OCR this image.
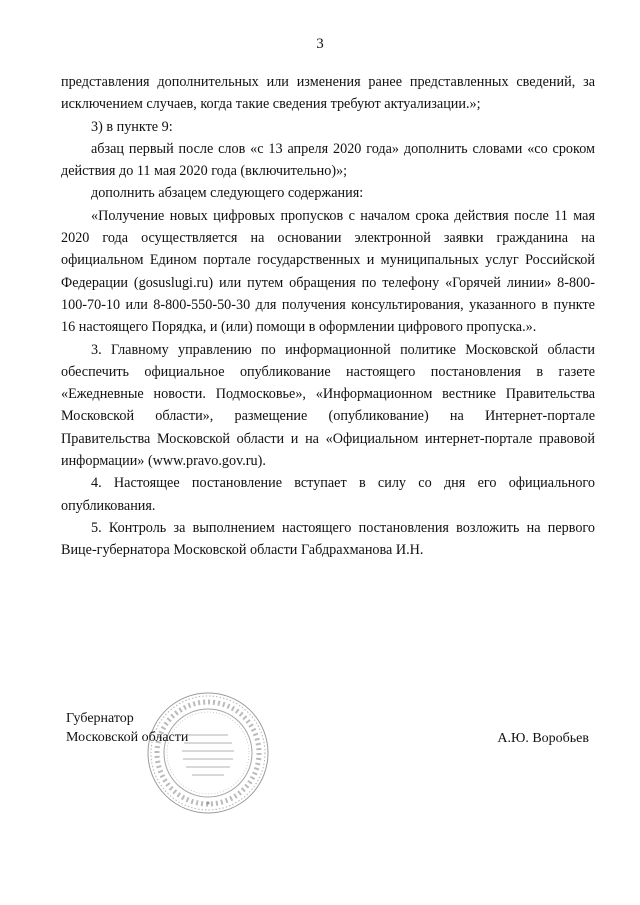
3

представления дополнительных или изменения ранее представленных сведений, за исключением случаев, когда такие сведения требуют актуализации.»;

3) в пункте 9:

абзац первый после слов «с 13 апреля 2020 года» дополнить словами «со сроком действия до 11 мая 2020 года (включительно)»;

дополнить абзацем следующего содержания:

«Получение новых цифровых пропусков с началом срока действия после 11 мая 2020 года осуществляется на основании электронной заявки гражданина на официальном Едином портале государственных и муниципальных услуг Российской Федерации (gosuslugi.ru) или путем обращения по телефону «Горячей линии» 8-800-100-70-10 или 8-800-550-50-30 для получения консультирования, указанного в пункте 16 настоящего Порядка, и (или) помощи в оформлении цифрового пропуска.».

3. Главному управлению по информационной политике Московской области обеспечить официальное опубликование настоящего постановления в газете «Ежедневные новости. Подмосковье», «Информационном вестнике Правительства Московской области», размещение (опубликование) на Интернет-портале Правительства Московской области и на «Официальном интернет-портале правовой информации» (www.pravo.gov.ru).

4. Настоящее постановление вступает в силу со дня его официального опубликования.

5. Контроль за выполнением настоящего постановления возложить на первого Вице-губернатора Московской области Габдрахманова И.Н.

Губернатор
Московской области	А.Ю. Воробьев
